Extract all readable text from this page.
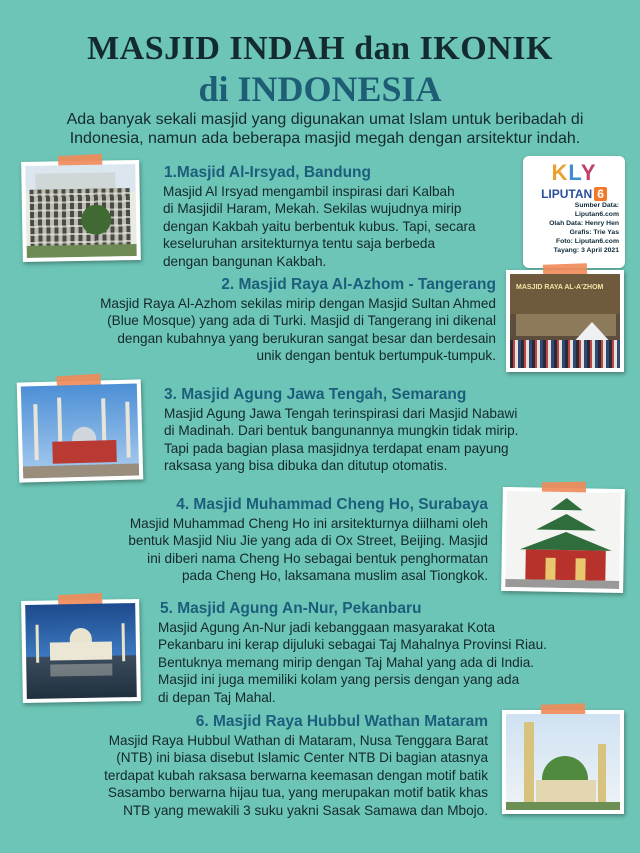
MASJID INDAH dan IKONIK
di INDONESIA
Ada banyak sekali masjid yang digunakan umat Islam untuk beribadah di Indonesia, namun ada beberapa masjid megah dengan arsitektur indah.
KLY
LIPUTAN 6
Sumber Data: Liputan6.com
Olah Data: Henry Hen
Grafis: Trie Yas
Foto: Liputan6.com
Tayang: 3 April 2021
MASJID RAYA AL-A'ZHOM
1.Masjid Al-Irsyad, Bandung
Masjid Al Irsyad mengambil inspirasi dari Kalbah
di Masjidil Haram, Mekah. Sekilas wujudnya mirip
dengan Kakbah yaitu berbentuk kubus. Tapi, secara
keseluruhan arsitekturnya tentu saja berbeda
dengan bangunan Kakbah.
2. Masjid Raya Al-Azhom - Tangerang
Masjid Raya Al-Azhom sekilas mirip dengan Masjid Sultan Ahmed
(Blue Mosque) yang ada di Turki. Masjid di Tangerang ini dikenal
dengan kubahnya yang berukuran sangat besar dan berdesain
unik dengan bentuk bertumpuk-tumpuk.
3. Masjid Agung Jawa Tengah, Semarang
Masjid Agung Jawa Tengah terinspirasi dari Masjid Nabawi
di Madinah. Dari bentuk bangunannya mungkin tidak mirip.
Tapi pada bagian plasa masjidnya terdapat enam payung
raksasa yang bisa dibuka dan ditutup otomatis.
4. Masjid Muhammad Cheng Ho, Surabaya
Masjid Muhammad Cheng Ho ini arsitekturnya diilhami oleh
bentuk Masjid Niu Jie yang ada di Ox Street, Beijing. Masjid
ini diberi nama Cheng Ho sebagai bentuk penghormatan
pada Cheng Ho, laksamana muslim asal Tiongkok.
5. Masjid Agung An-Nur, Pekanbaru
Masjid Agung An-Nur jadi kebanggaan masyarakat Kota
Pekanbaru ini kerap dijuluki sebagai Taj Mahalnya Provinsi Riau.
Bentuknya memang mirip dengan Taj Mahal yang ada di India.
Masjid ini juga memiliki kolam yang persis dengan yang ada
di depan Taj Mahal.
6. Masjid Raya Hubbul Wathan Mataram
Masjid Raya Hubbul Wathan di Mataram, Nusa Tenggara Barat
(NTB) ini biasa disebut Islamic Center NTB Di bagian atasnya
terdapat kubah raksasa berwarna keemasan dengan motif batik
Sasambo berwarna hijau tua, yang merupakan motif batik khas
NTB yang mewakili 3 suku yakni Sasak Samawa dan Mbojo.
